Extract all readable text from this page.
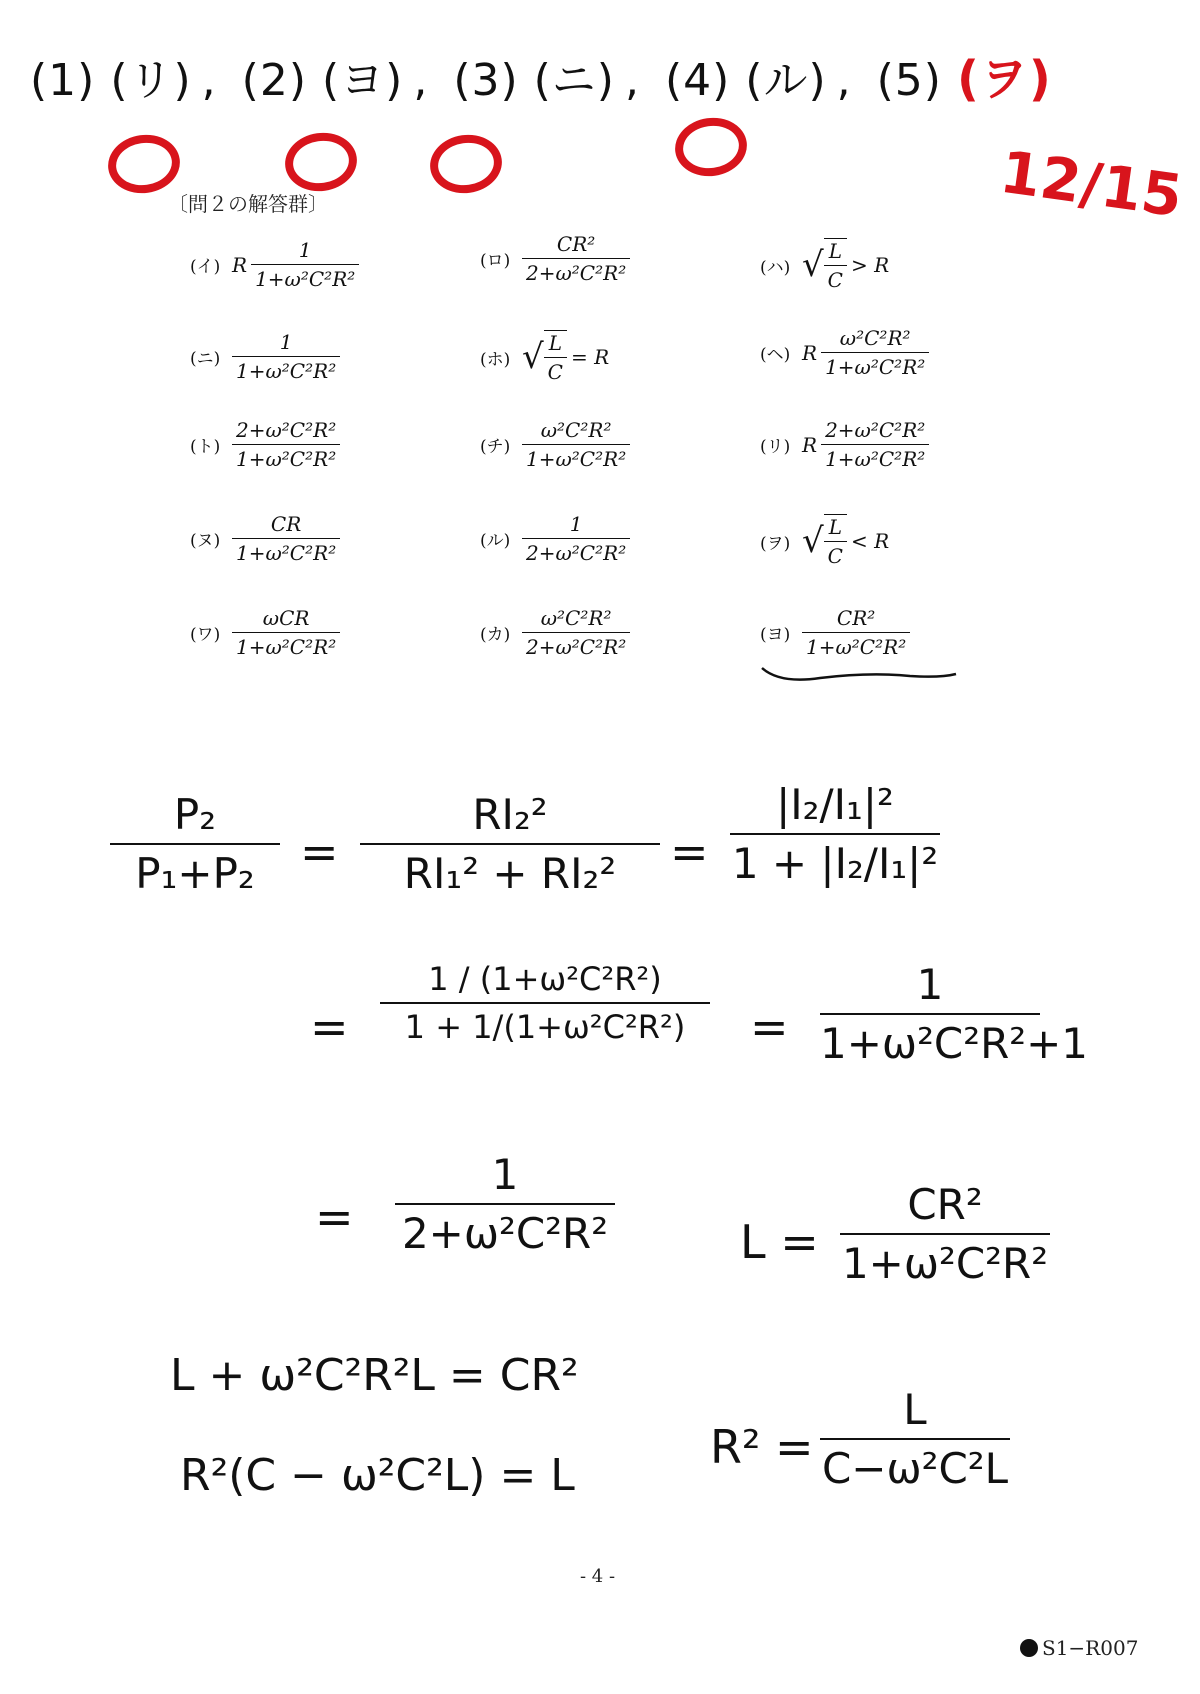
(1) (リ) , (2) (ヨ) , (3) (ニ) , (4) (ル) , (5) (ヲ)
12/15
〔問２の解答群〕
(イ) R $\frac{1}{\text{1+ω²C²R²}}$	(ロ) $\frac{\text{CR²}}{\text{2+ω²C²R²}}$	(ハ) √ $\frac{L}{C} > R$
(ニ) $\frac{1}{\text{1+ω²C²R²}}$	(ホ) √ $\frac{L}{C} = R$	(ヘ) R $\frac{\text{ω²C²R²}}{\text{1+ω²C²R²}}$
(ト) $\frac{\text{2+ω²C²R²}}{\text{1+ω²C²R²}}$	(チ) $\frac{\text{ω²C²R²}}{\text{1+ω²C²R²}}$	(リ) R $\frac{\text{2+ω²C²R²}}{\text{1+ω²C²R²}}$
(ヌ) $\frac{CR}{\text{1+ω²C²R²}}$	(ル) $\frac{1}{\text{2+ω²C²R²}}$	(ヲ) √ $\frac{L}{C} < R$
(ワ) $\frac{\text{ωCR}}{\text{1+ω²C²R²}}$	(カ) $\frac{\text{ω²C²R²}}{\text{2+ω²C²R²}}$	(ヨ) $\frac{\text{CR²}}{\text{1+ω²C²R²}}$
$\frac{\text{P₂}}{\text{P₁+P₂}} = \frac{\text{RI₂²}}{\text{RI₁² + RI₂²}} = \frac{\text{|I₂/I₁|²}}{\text{1 + |I₂/I₁|²}}$
= $\frac{\text{1 / (1+ω²C²R²)}}{\text{1 + 1/(1+ω²C²R²)}} = \frac{1}{\text{1+ω²C²R²+1}}$
= $\frac{1}{\text{2+ω²C²R²}}$	$L = \frac{\text{CR²}}{\text{1+ω²C²R²}}$
L + ω²C²R²L = CR²
R²(C − ω²C²L) = L
$R^2 = \frac{L}{\text{C−ω²C²L}}$
- 4 -
S1−R007
